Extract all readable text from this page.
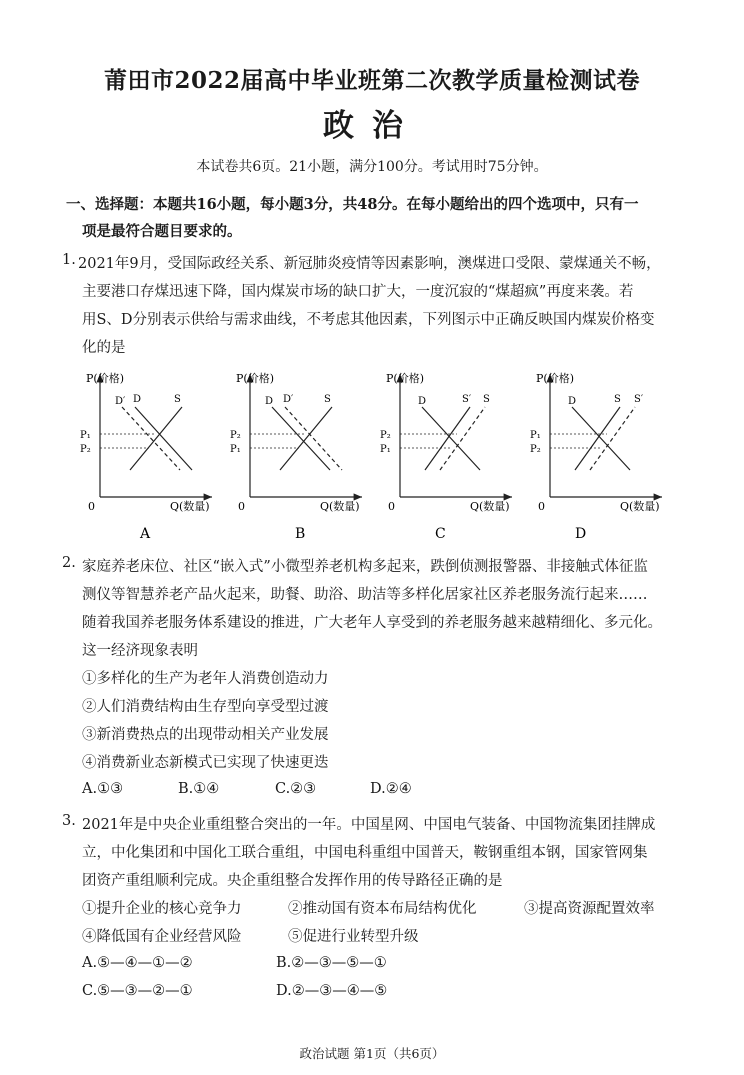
莆田市2022届高中毕业班第二次教学质量检测试卷
政治
本试卷共6页。21小题，满分100分。考试用时75分钟。
一、选择题：本题共16小题，每小题3分，共48分。在每小题给出的四个选项中，只有一
项是最符合题目要求的。
1. 2021年9月，受国际政经关系、新冠肺炎疫情等因素影响，澳煤进口受限、蒙煤通关不畅，
主要港口存煤迅速下降，国内煤炭市场的缺口扩大，一度沉寂的“煤超疯”再度来袭。若
用S、D分别表示供给与需求曲线，不考虑其他因素，下列图示中正确反映国内煤炭价格变
化的是
P(价格)
Q(数量)
0
D′ D	S
P₁
P₂
P(价格)
Q(数量)
0
D D′	S
P₂
P₁
P(价格)
Q(数量)
0
D	S′ S
P₂
P₁
P(价格)
Q(数量)
0
D	S S′
P₁
P₂
A	B	C	D
2. 家庭养老床位、社区“嵌入式”小微型养老机构多起来，跌倒侦测报警器、非接触式体征监
测仪等智慧养老产品火起来，助餐、助浴、助洁等多样化居家社区养老服务流行起来……
随着我国养老服务体系建设的推进，广大老年人享受到的养老服务越来越精细化、多元化。
这一经济现象表明
①多样化的生产为老年人消费创造动力
②人们消费结构由生存型向享受型过渡
③新消费热点的出现带动相关产业发展
④消费新业态新模式已实现了快速更迭
A.①③	B.①④	C.②③	D.②④
3. 2021年是中央企业重组整合突出的一年。中国星网、中国电气装备、中国物流集团挂牌成
立，中化集团和中国化工联合重组，中国电科重组中国普天，鞍钢重组本钢，国家管网集
团资产重组顺利完成。央企重组整合发挥作用的传导路径正确的是
①提升企业的核心竞争力	②推动国有资本布局结构优化	③提高资源配置效率
④降低国有企业经营风险	⑤促进行业转型升级
A.⑤—④—①—②	B.②—③—⑤—①
C.⑤—③—②—①	D.②—③—④—⑤
政治试题 第1页（共6页）
